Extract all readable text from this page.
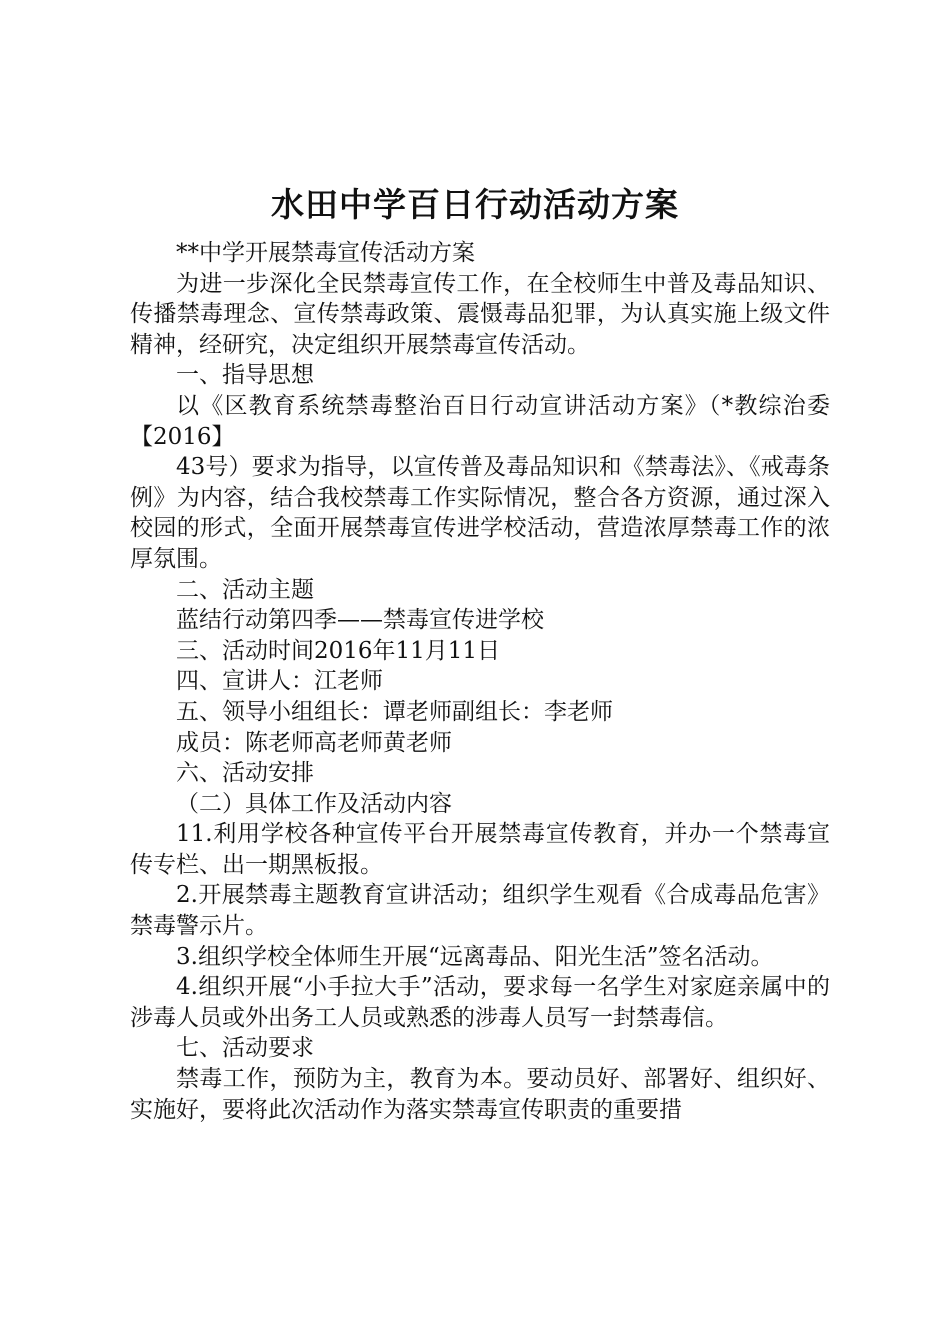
水田中学百日行动活动方案

**中学开展禁毒宣传活动方案

为进一步深化全民禁毒宣传工作，在全校师生中普及毒品知识、传播禁毒理念、宣传禁毒政策、震慑毒品犯罪，为认真实施上级文件精神，经研究，决定组织开展禁毒宣传活动。

一、指导思想

以《区教育系统禁毒整治百日行动宣讲活动方案》（*教综治委【2016】

43号）要求为指导，以宣传普及毒品知识和《禁毒法》、《戒毒条例》为内容，结合我校禁毒工作实际情况，整合各方资源，通过深入校园的形式，全面开展禁毒宣传进学校活动，营造浓厚禁毒工作的浓厚氛围。

二、活动主题

蓝结行动第四季——禁毒宣传进学校

三、活动时间2016年11月11日

四、宣讲人：江老师

五、领导小组组长：谭老师副组长：李老师

成员：陈老师高老师黄老师

六、活动安排

（二）具体工作及活动内容

11.利用学校各种宣传平台开展禁毒宣传教育，并办一个禁毒宣传专栏、出一期黑板报。

2.开展禁毒主题教育宣讲活动；组织学生观看《合成毒品危害》禁毒警示片。

3.组织学校全体师生开展“远离毒品、阳光生活”签名活动。

4.组织开展“小手拉大手”活动，要求每一名学生对家庭亲属中的涉毒人员或外出务工人员或熟悉的涉毒人员写一封禁毒信。

七、活动要求

禁毒工作，预防为主，教育为本。要动员好、部署好、组织好、实施好，要将此次活动作为落实禁毒宣传职责的重要措
